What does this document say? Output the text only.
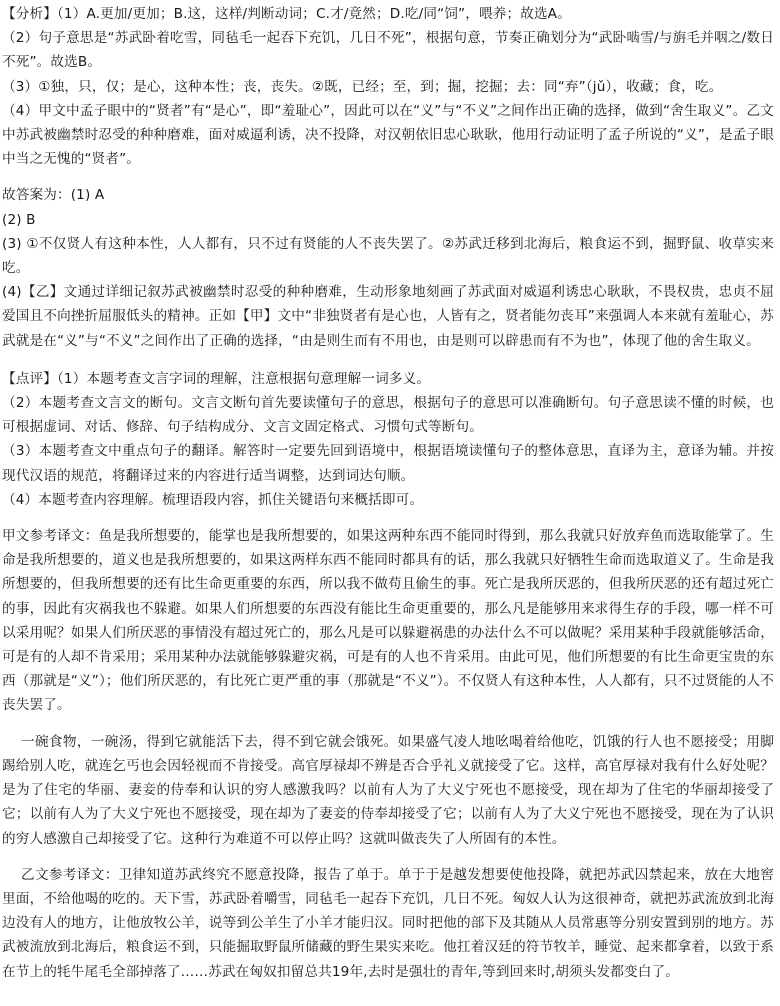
【分析】（1）A.更加/更加；B.这，这样/判断动词；C.才/竟然；D.吃/同“饲”，喂养；故选A。

（2）句子意思是“苏武卧着吃雪，同毡毛一起吞下充饥，几日不死”，根据句意，节奏正确划分为“武卧啮雪/与旃毛并咽之/数日不死”。故选B。

（3）①独，只，仅；是心，这种本性；丧，丧失。②既，已经；至，到；掘，挖掘；去：同“弃”（jǔ），收藏；食，吃。

（4）甲文中孟子眼中的“贤者”有“是心”，即“羞耻心”，因此可以在“义”与“不义”之间作出正确的选择，做到“舍生取义”。乙文中苏武被幽禁时忍受的种种磨难，面对威逼利诱，决不投降，对汉朝依旧忠心耿耿，他用行动证明了孟子所说的“义”，是孟子眼中当之无愧的“贤者”。

故答案为：(1) A

(2) B

(3) ①不仅贤人有这种本性，人人都有，只不过有贤能的人不丧失罢了。②苏武迁移到北海后，粮食运不到，掘野鼠、收草实来吃。

(4)【乙】文通过详细记叙苏武被幽禁时忍受的种种磨难，生动形象地刻画了苏武面对威逼利诱忠心耿耿，不畏权贵，忠贞不屈爱国且不向挫折屈服低头的精神。正如【甲】文中“非独贤者有是心也，人皆有之，贤者能勿丧耳”来强调人本来就有羞耻心，苏武就是在“义”与“不义”之间作出了正确的选择，“由是则生而有不用也，由是则可以辟患而有不为也”，体现了他的舍生取义。

【点评】（1）本题考查文言字词的理解，注意根据句意理解一词多义。

（2）本题考查文言文的断句。文言文断句首先要读懂句子的意思，根据句子的意思可以准确断句。句子意思读不懂的时候，也可根据虚词、对话、修辞、句子结构成分、文言文固定格式、习惯句式等断句。

（3）本题考查文中重点句子的翻译。解答时一定要先回到语境中，根据语境读懂句子的整体意思，直译为主，意译为辅。并按现代汉语的规范，将翻译过来的内容进行适当调整，达到词达句顺。

（4）本题考查内容理解。梳理语段内容，抓住关键语句来概括即可。

甲文参考译文：鱼是我所想要的，能掌也是我所想要的，如果这两种东西不能同时得到，那么我就只好放弃鱼而选取能掌了。生命是我所想要的，道义也是我所想要的，如果这两样东西不能同时都具有的话，那么我就只好牺牲生命而选取道义了。生命是我所想要的，但我所想要的还有比生命更重要的东西，所以我不做苟且偷生的事。死亡是我所厌恶的，但我所厌恶的还有超过死亡的事，因此有灾祸我也不躲避。如果人们所想要的东西没有能比生命更重要的，那么凡是能够用来求得生存的手段，哪一样不可以采用呢？如果人们所厌恶的事情没有超过死亡的，那么凡是可以躲避祸患的办法什么不可以做呢？采用某种手段就能够活命，可是有的人却不肯采用；采用某种办法就能够躲避灾祸，可是有的人也不肯采用。由此可见，他们所想要的有比生命更宝贵的东西（那就是“义”）；他们所厌恶的，有比死亡更严重的事（那就是“不义”）。不仅贤人有这种本性，人人都有，只不过贤能的人不丧失罢了。

一碗食物，一碗汤，得到它就能活下去，得不到它就会饿死。如果盛气凌人地吆喝着给他吃，饥饿的行人也不愿接受；用脚踢给别人吃，就连乞丐也会因轻视而不肯接受。高官厚禄却不辨是否合乎礼义就接受了它。这样，高官厚禄对我有什么好处呢？是为了住宅的华丽、妻妾的侍奉和认识的穷人感激我吗？以前有人为了大义宁死也不愿接受，现在却为了住宅的华丽却接受了它；以前有人为了大义宁死也不愿接受，现在却为了妻妾的侍奉却接受了它；以前有人为了大义宁死也不愿接受，现在为了认识的穷人感激自己却接受了它。这种行为难道不可以停止吗？这就叫做丧失了人所固有的本性。

乙文参考译文：卫律知道苏武终究不愿意投降，报告了单于。单于于是越发想要使他投降，就把苏武囚禁起来，放在大地窖里面，不给他喝的吃的。天下雪，苏武卧着嚼雪，同毡毛一起吞下充饥，几日不死。匈奴人认为这很神奇，就把苏武流放到北海边没有人的地方，让他放牧公羊，说等到公羊生了小羊才能归汉。同时把他的部下及其随从人员常惠等分别安置到别的地方。苏武被流放到北海后，粮食运不到，只能掘取野鼠所储藏的野生果实来吃。他扛着汉廷的符节牧羊，睡觉、起来都拿着，以致于系在节上的牦牛尾毛全部掉落了……苏武在匈奴扣留总共19年,去时是强壮的青年,等到回来时,胡须头发都变白了。
